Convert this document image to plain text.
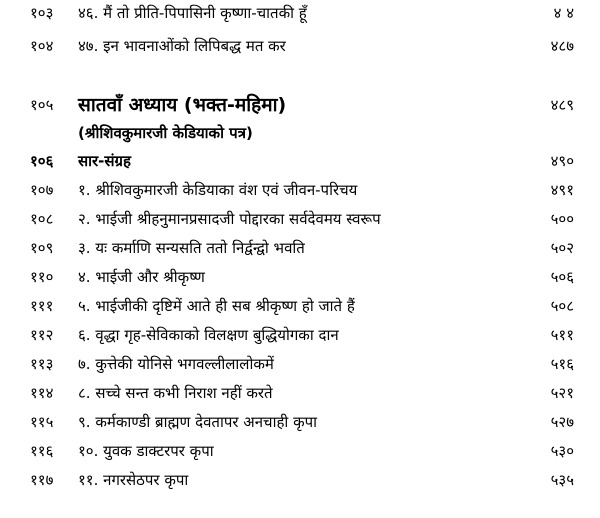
१०३ ४६. मैं तो प्रीति-पिपासिनी कृष्णा-चातकी हूँ	४ ४
१०४ ४७. इन भावनाओंको लिपिबद्ध मत कर	४८७
१०५ सातवाँ अध्याय (भक्त-महिमा)	४८९
(श्रीशिवकुमारजी केडियाको पत्र)
१०६ सार-संग्रह	४९०
१०७ १. श्रीशिवकुमारजी केडियाका वंश एवं जीवन-परिचय	४९१
१०८ २. भाईजी श्रीहनुमानप्रसादजी पोद्दारका सर्वदेवमय स्वरूप	५००
१०९ ३. यः कर्माणि सन्यसति ततो निर्द्वन्द्वो भवति	५०२
११० ४. भाईजी और श्रीकृष्ण	५०६
१११ ५. भाईजीकी दृष्टिमें आते ही सब श्रीकृष्ण हो जाते हैं	५०८
११२ ६. वृद्धा गृह-सेविकाको विलक्षण बुद्धियोगका दान	५११
११३ ७. कुत्तेकी योनिसे भगवल्लीलालोकमें	५१६
११४ ८. सच्चे सन्त कभी निराश नहीं करते	५२१
११५ ९. कर्मकाण्डी ब्राह्मण देवतापर अनचाही कृपा	५२७
११६ १०. युवक डाक्टरपर कृपा	५३०
११७ ११. नगरसेठपर कृपा	५३५
